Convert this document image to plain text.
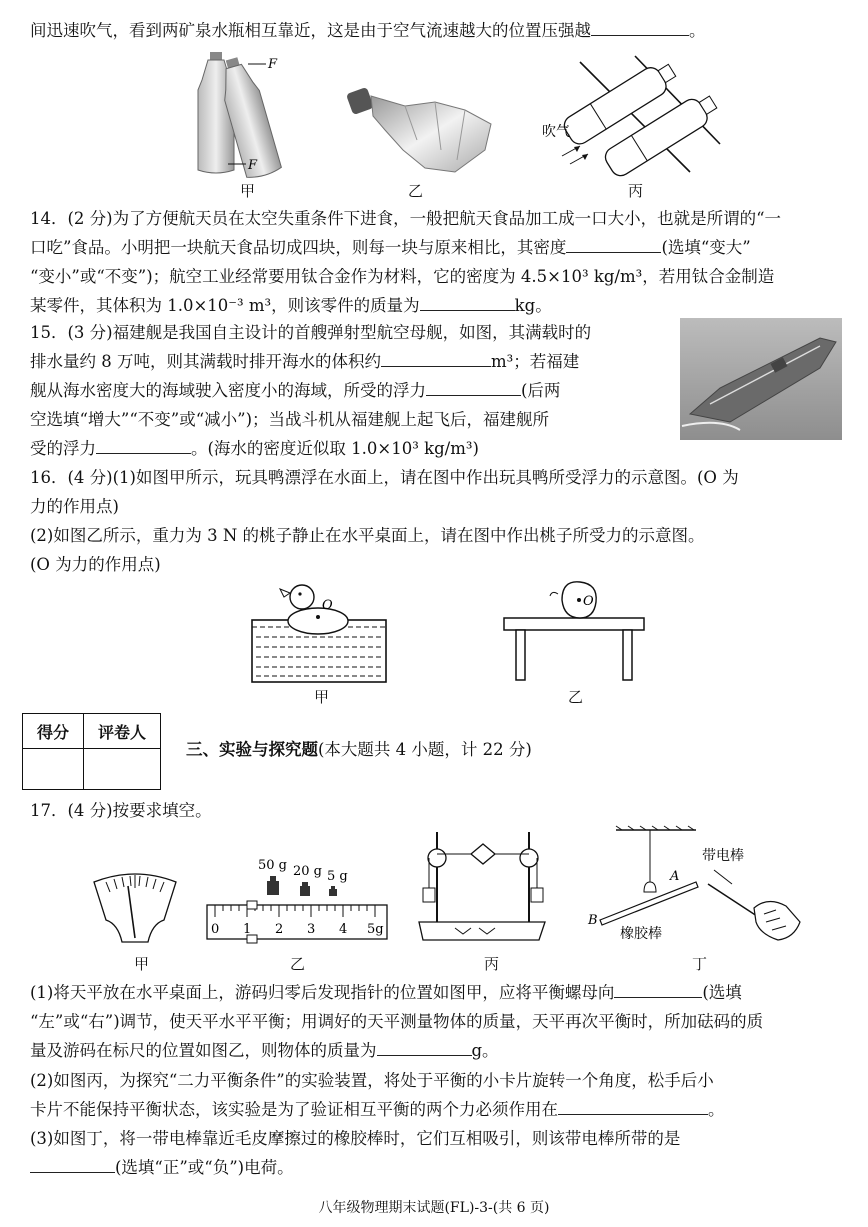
间迅速吹气，看到两矿泉水瓶相互靠近，这是由于空气流速越大的位置压强越	。

F
F
甲	乙
吹气
丙

14．(2 分)为了方便航天员在太空失重条件下进食，一般把航天食品加工成一口大小，也就是所谓的“一

口吃”食品。小明把一块航天食品切成四块，则每一块与原来相比，其密度	(选填“变大”

“变小”或“不变”)；航空工业经常要用钛合金作为材料，它的密度为 4.5×10³ kg/m³，若用钛合金制造

某零件，其体积为 1.0×10⁻³ m³，则该零件的质量为	kg。

15．(3 分)福建舰是我国自主设计的首艘弹射型航空母舰，如图，其满载时的

排水量约 8 万吨，则其满载时排开海水的体积约	m³；若福建

舰从海水密度大的海域驶入密度小的海域，所受的浮力	(后两

空选填“增大”“不变”或“减小”)；当战斗机从福建舰上起飞后，福建舰所

受的浮力	。(海水的密度近似取 1.0×10³ kg/m³)

16．(4 分)(1)如图甲所示，玩具鸭漂浮在水面上，请在图中作出玩具鸭所受浮力的示意图。(O 为

力的作用点)

(2)如图乙所示，重力为 3 N 的桃子静止在水平桌面上，请在图中作出桃子所受力的示意图。

(O 为力的作用点)

O
甲
O
乙
得分	评卷人

三、实验与探究题(本大题共 4 小题，计 22 分)

17．(4 分)按要求填空。

甲
50 g 20 g 5 g
0 1 2 3 4 5g
乙	丙
A
B
橡胶棒
带电棒
丁

(1)将天平放在水平桌面上，游码归零后发现指针的位置如图甲，应将平衡螺母向	(选填

“左”或“右”)调节，使天平水平平衡；用调好的天平测量物体的质量，天平再次平衡时，所加砝码的质

量及游码在标尺的位置如图乙，则物体的质量为	g。

(2)如图丙，为探究“二力平衡条件”的实验装置，将处于平衡的小卡片旋转一个角度，松手后小

卡片不能保持平衡状态，该实验是为了验证相互平衡的两个力必须作用在	。

(3)如图丁，将一带电棒靠近毛皮摩擦过的橡胶棒时，它们互相吸引，则该带电棒所带的是

(选填“正”或“负”)电荷。

八年级物理期末试题(FL)-3-(共 6 页)
